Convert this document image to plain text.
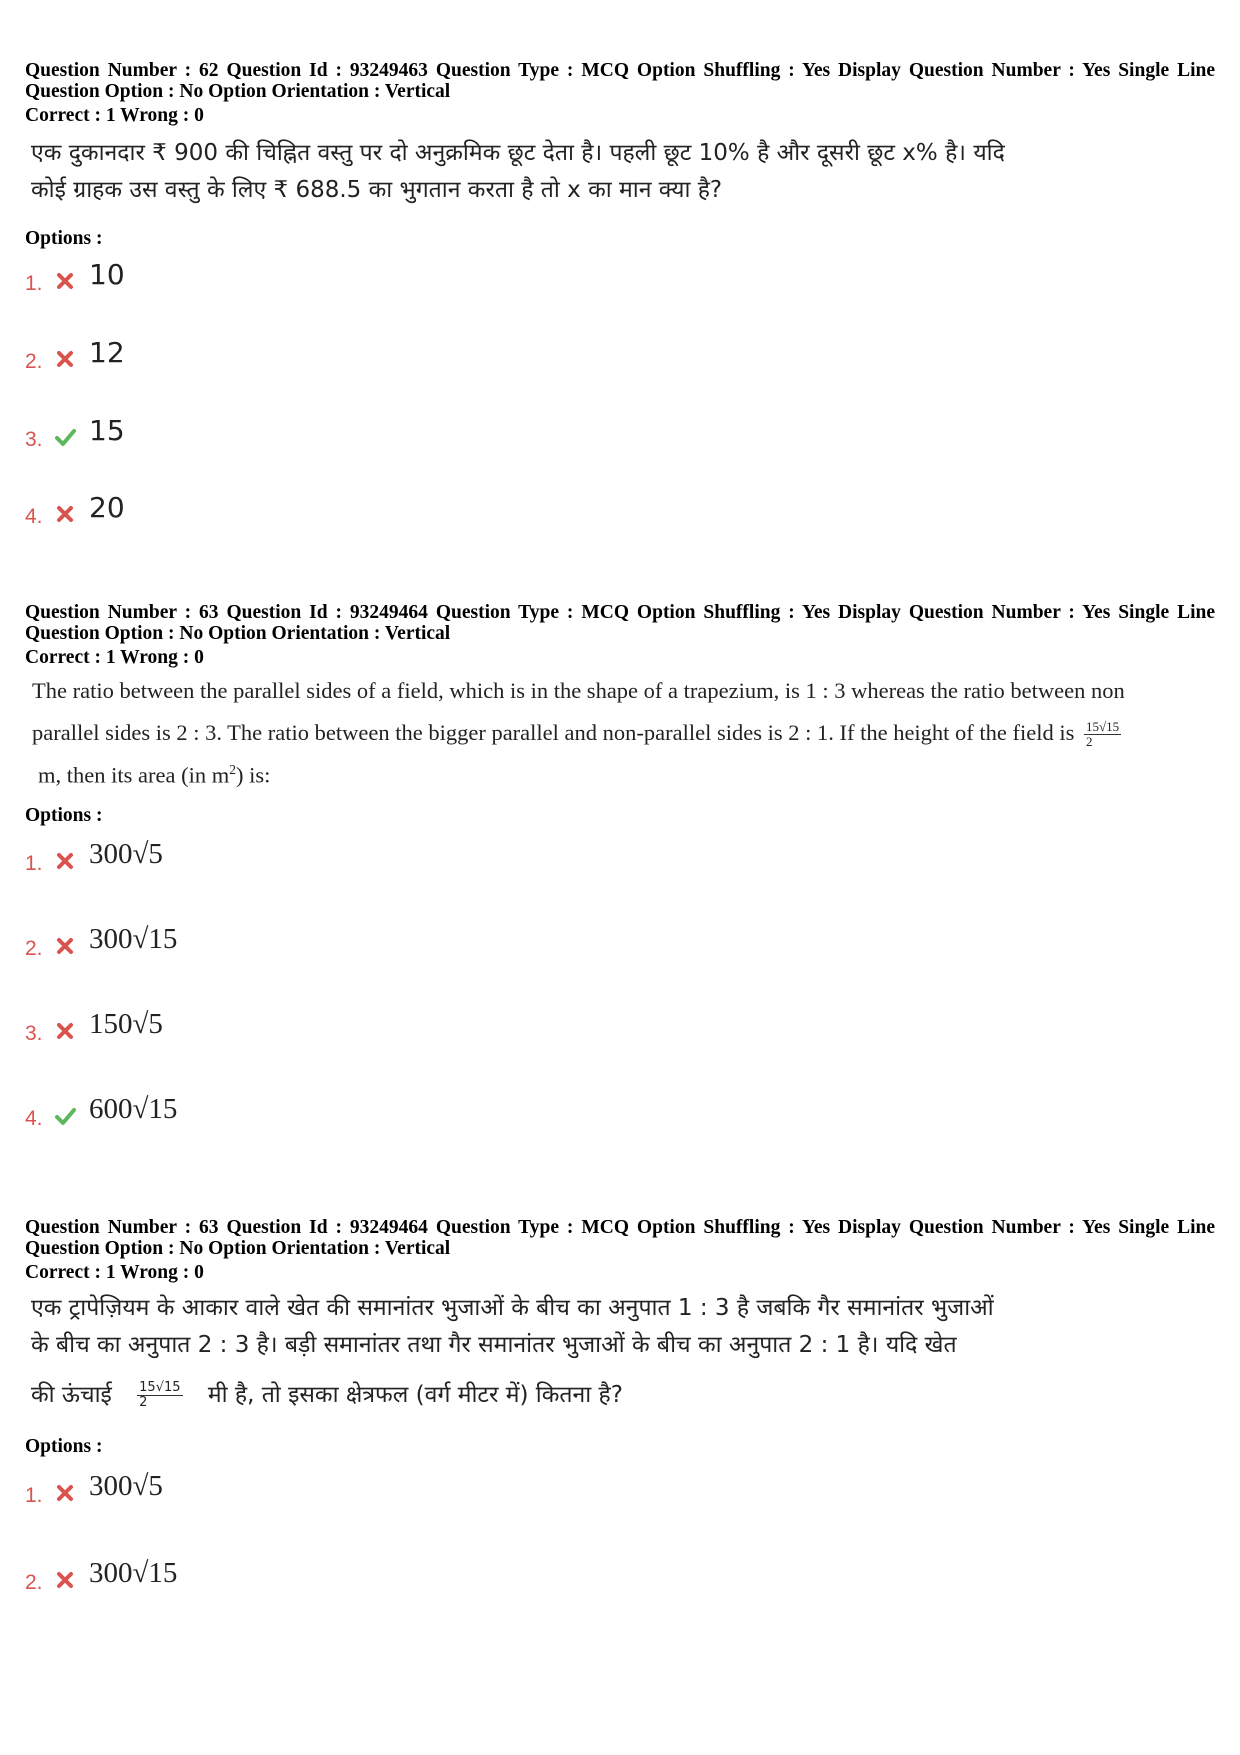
Question Number : 62 Question Id : 93249463 Question Type : MCQ Option Shuffling : Yes Display Question Number : Yes Single Line Question Option : No Option Orientation : Vertical
Correct : 1 Wrong : 0
एक दुकानदार ₹ 900 की चिह्नित वस्तु पर दो अनुक्रमिक छूट देता है। पहली छूट 10% है और दूसरी छूट x% है। यदि
कोई ग्राहक उस वस्तु के लिए ₹ 688.5 का भुगतान करता है तो x का मान क्या है?
Options :
1. 10
2. 12
3. 15
4. 20
Question Number : 63 Question Id : 93249464 Question Type : MCQ Option Shuffling : Yes Display Question Number : Yes Single Line Question Option : No Option Orientation : Vertical
Correct : 1 Wrong : 0
The ratio between the parallel sides of a field, which is in the shape of a trapezium, is 1 : 3 whereas the ratio between non
parallel sides is 2 : 3. The ratio between the bigger parallel and non-parallel sides is 2 : 1. If the height of the field is $\frac{15√15}{2}$
m, then its area (in $m^2$) is:
Options :
1. 300√5
2. 300√15
3. 150√5
4. 600√15
Question Number : 63 Question Id : 93249464 Question Type : MCQ Option Shuffling : Yes Display Question Number : Yes Single Line Question Option : No Option Orientation : Vertical
Correct : 1 Wrong : 0
एक ट्रापेज़ियम के आकार वाले खेत की समानांतर भुजाओं के बीच का अनुपात 1 : 3 है जबकि गैर समानांतर भुजाओं
के बीच का अनुपात 2 : 3 है। बड़ी समानांतर तथा गैर समानांतर भुजाओं के बीच का अनुपात 2 : 1 है। यदि खेत
की ऊंचाई $\frac{15√15}{2}$ मी है, तो इसका क्षेत्रफल (वर्ग मीटर में) कितना है?
Options :
1. 300√5
2. 300√15
